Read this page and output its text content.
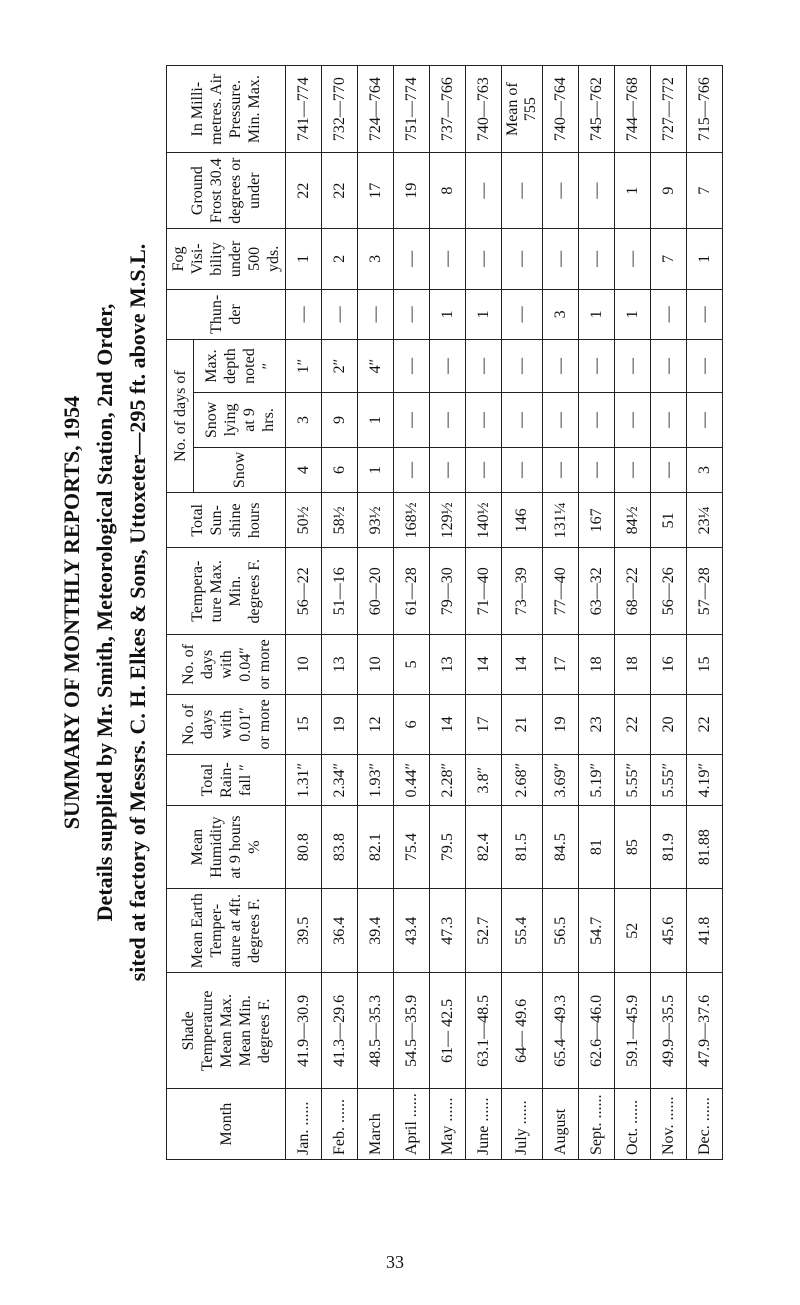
SUMMARY OF MONTHLY REPORTS, 1954 Details supplied by Mr. Smith, Meteorological Station, 2nd Order, sited at factory of Messrs. C. H. Elkes & Sons, Uttoxeter—295 ft. above M.S.L.
Month	Shade Temperature Mean Max. Mean Min. degrees F.	Mean Earth Temper-ature at 4ft. degrees F.	Mean Humidity at 9 hours %	Total Rain-fall ″	No. of days with 0.01″ or more	No. of days with 0.04″ or more	Tempera-ture Max. Min. degrees F.	Total Sun-shine hours	No. of days of			Thun-der	Fog Visi-bility under 500 yds.	Ground Frost 30.4 degrees or under	In Milli-metres. Air Pressure. Min. Max.
									Snow	Snow lying at 9 hrs.	Max. depth noted ″				
Jan. ......	41.9—30.9	39.5	80.8	1.31″	15	10	56—22	50½	4	3	1″	—	1	22	741—774
Feb. ......	41.3—29.6	36.4	83.8	2.34″	19	13	51—16	58½	6	9	2″	—	2	22	732—770
March	48.5—35.3	39.4	82.1	1.93″	12	10	60—20	93½	1	1	4″	—	3	17	724—764
April ......	54.5—35.9	43.4	75.4	0.44″	6	5	61—28	168½	—	—	—	—	—	19	751—774
May ......	61— 42.5	47.3	79.5	2.28″	14	13	79—30	129½	—	—	—	1	—	8	737—766
June ......	63.1—48.5	52.7	82.4	3.8″	17	14	71—40	140½	—	—	—	1	—	—	740—763
July ......	64— 49.6	55.4	81.5	2.68″	21	14	73—39	146	—	—	—	—	—	—	Mean of 755
August	65.4—49.3	56.5	84.5	3.69″	19	17	77—40	131¼	—	—	—	3	—	—	740—764
Sept. ......	62.6—46.0	54.7	81	5.19″	23	18	63—32	167	—	—	—	1	—	—	745—762
Oct. ......	59.1—45.9	52	85	5.55″	22	18	68—22	84½	—	—	—	1	—	1	744—768
Nov. ......	49.9—35.5	45.6	81.9	5.55″	20	16	56—26	51	—	—	—	—	7	9	727—772
Dec. ......	47.9—37.6	41.8	81.88	4.19″	22	15	57—28	23¼	3	—	—	—	1	7	715—766
33
